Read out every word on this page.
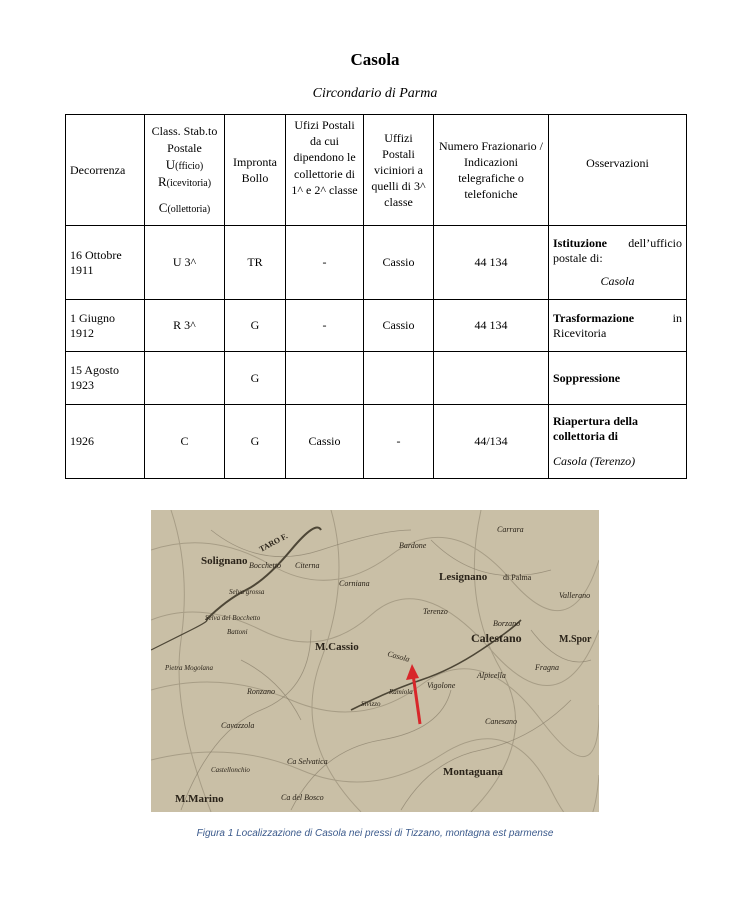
Casola
Circondario di Parma
Decorrenza	Class. Stab.to
Postale
U(fficio)
R(icevitoria)
C(ollettoria)	Impronta Bollo	Ufizi Postali da cui dipendono le collettorie di 1^ e 2^ classe	Uffizi Postali viciniori a quelli di 3^ classe	Numero Frazionario / Indicazioni telegrafiche o telefoniche	Osservazioni
16 Ottobre 1911	U 3^	TR	-	Cassio	44 134	Istituzione dell’ufficio
postale di:
Casola

1 Giugno 1912	R 3^	G	-	Cassio	44 134	Trasformazione in
Ricevitoria

15 Agosto 1923		G				Soppressione

1926	C	G	Cassio	-	44/134	Riapertura della collettoria di
Casola (Terenzo)
Solignano
TARO F.
M.Cassio
Lesignano di Palma
Calestano	M.Spor
Montaguana
M.Marino
Casola
Citerna
Bardone
Carrara
Terenzo
Bocchetto
Selva grossa
Selva del Bocchetto
Battoni
Corniana
Vigolone
Alpicella
Fragna
Canesano
Ca Selvatica
Castellonchio
Cavazzola
Pietra Mogolana
Borzano
Vallerano
Ramiola
Sivizzo
Ca del Bosco
Ronzano
Figura 1 Localizzazione di Casola nei pressi di Tizzano, montagna est parmense
